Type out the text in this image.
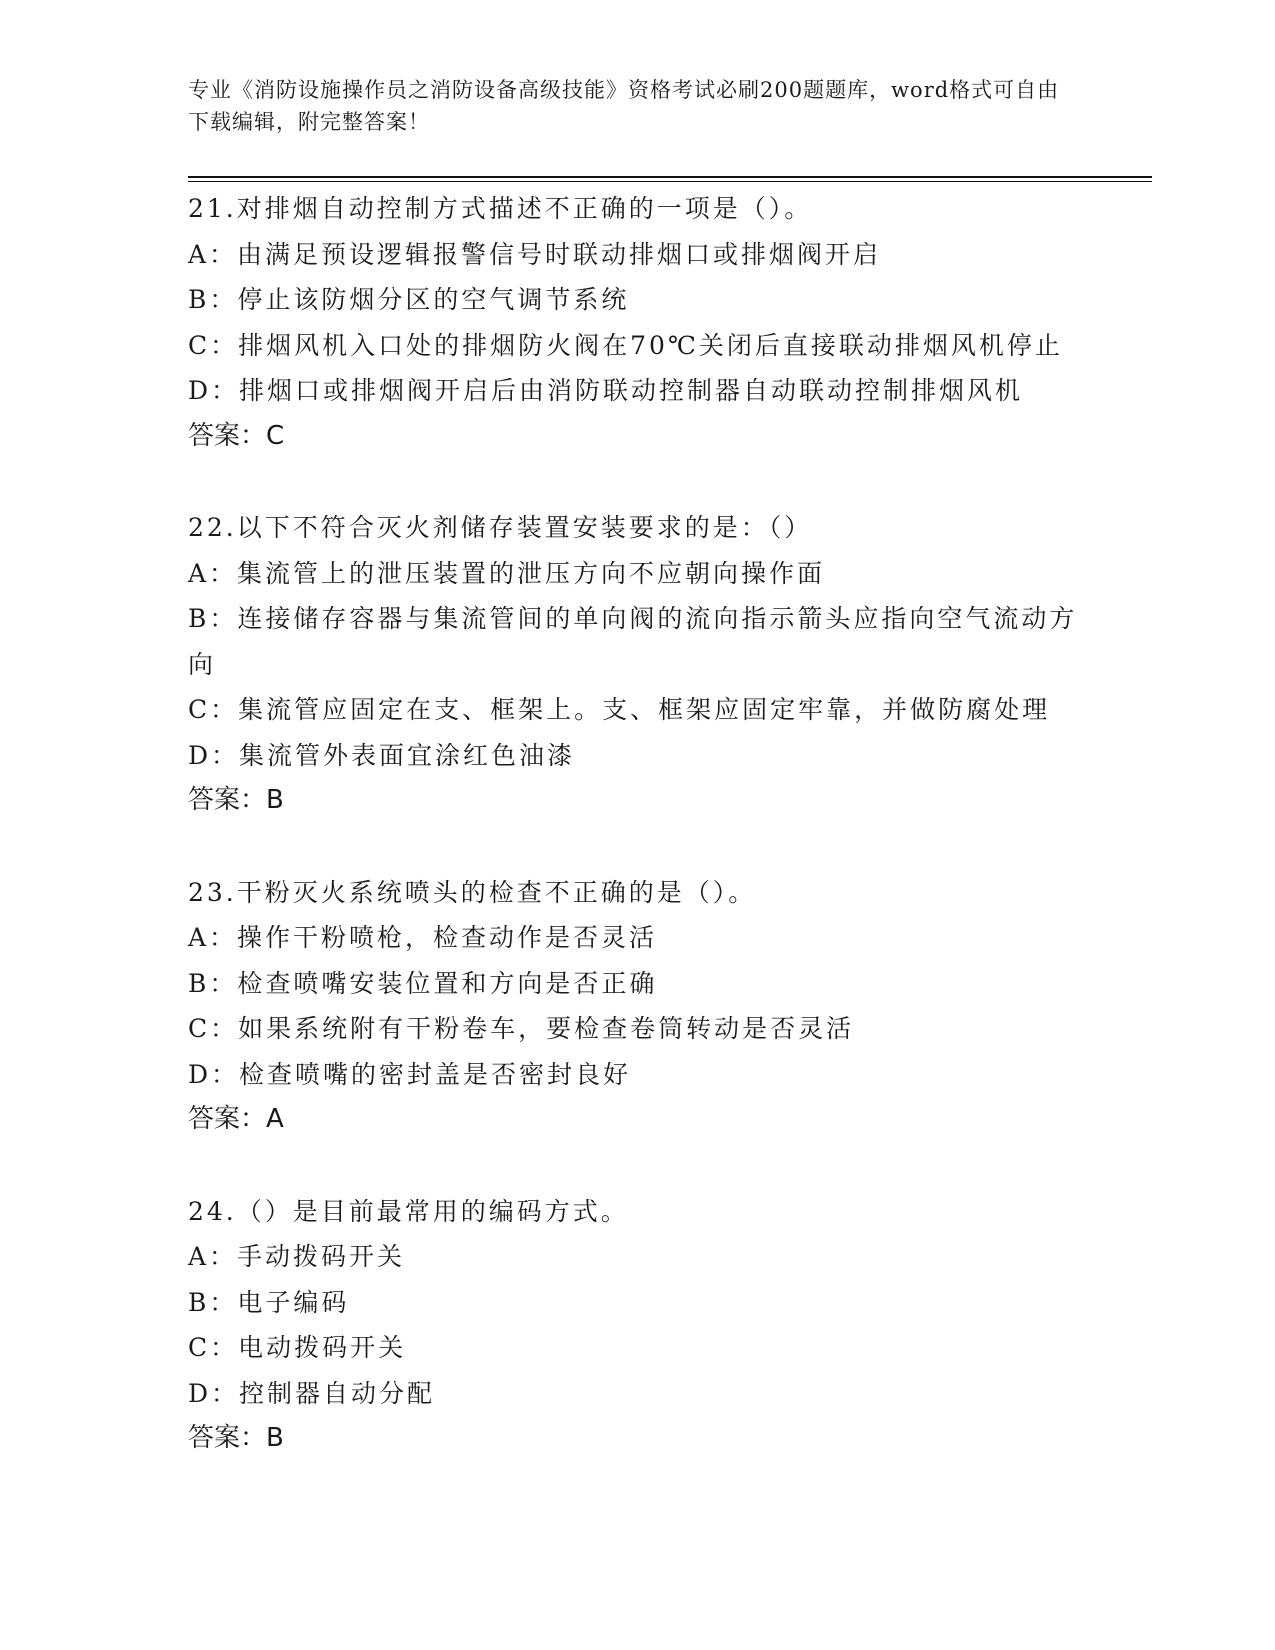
专业《消防设施操作员之消防设备高级技能》资格考试必刷200题题库，word格式可自由下载编辑，附完整答案！
21.对排烟自动控制方式描述不正确的一项是（）。
A：由满足预设逻辑报警信号时联动排烟口或排烟阀开启
B：停止该防烟分区的空气调节系统
C：排烟风机入口处的排烟防火阀在70℃关闭后直接联动排烟风机停止
D：排烟口或排烟阀开启后由消防联动控制器自动联动控制排烟风机
答案：C
22.以下不符合灭火剂储存装置安装要求的是：（）
A：集流管上的泄压装置的泄压方向不应朝向操作面
B：连接储存容器与集流管间的单向阀的流向指示箭头应指向空气流动方向
C：集流管应固定在支、框架上。支、框架应固定牢靠，并做防腐处理
D：集流管外表面宜涂红色油漆
答案：B
23.干粉灭火系统喷头的检查不正确的是（）。
A：操作干粉喷枪，检查动作是否灵活
B：检查喷嘴安装位置和方向是否正确
C：如果系统附有干粉卷车，要检查卷筒转动是否灵活
D：检查喷嘴的密封盖是否密封良好
答案：A
24.（）是目前最常用的编码方式。
A：手动拨码开关
B：电子编码
C：电动拨码开关
D：控制器自动分配
答案：B
